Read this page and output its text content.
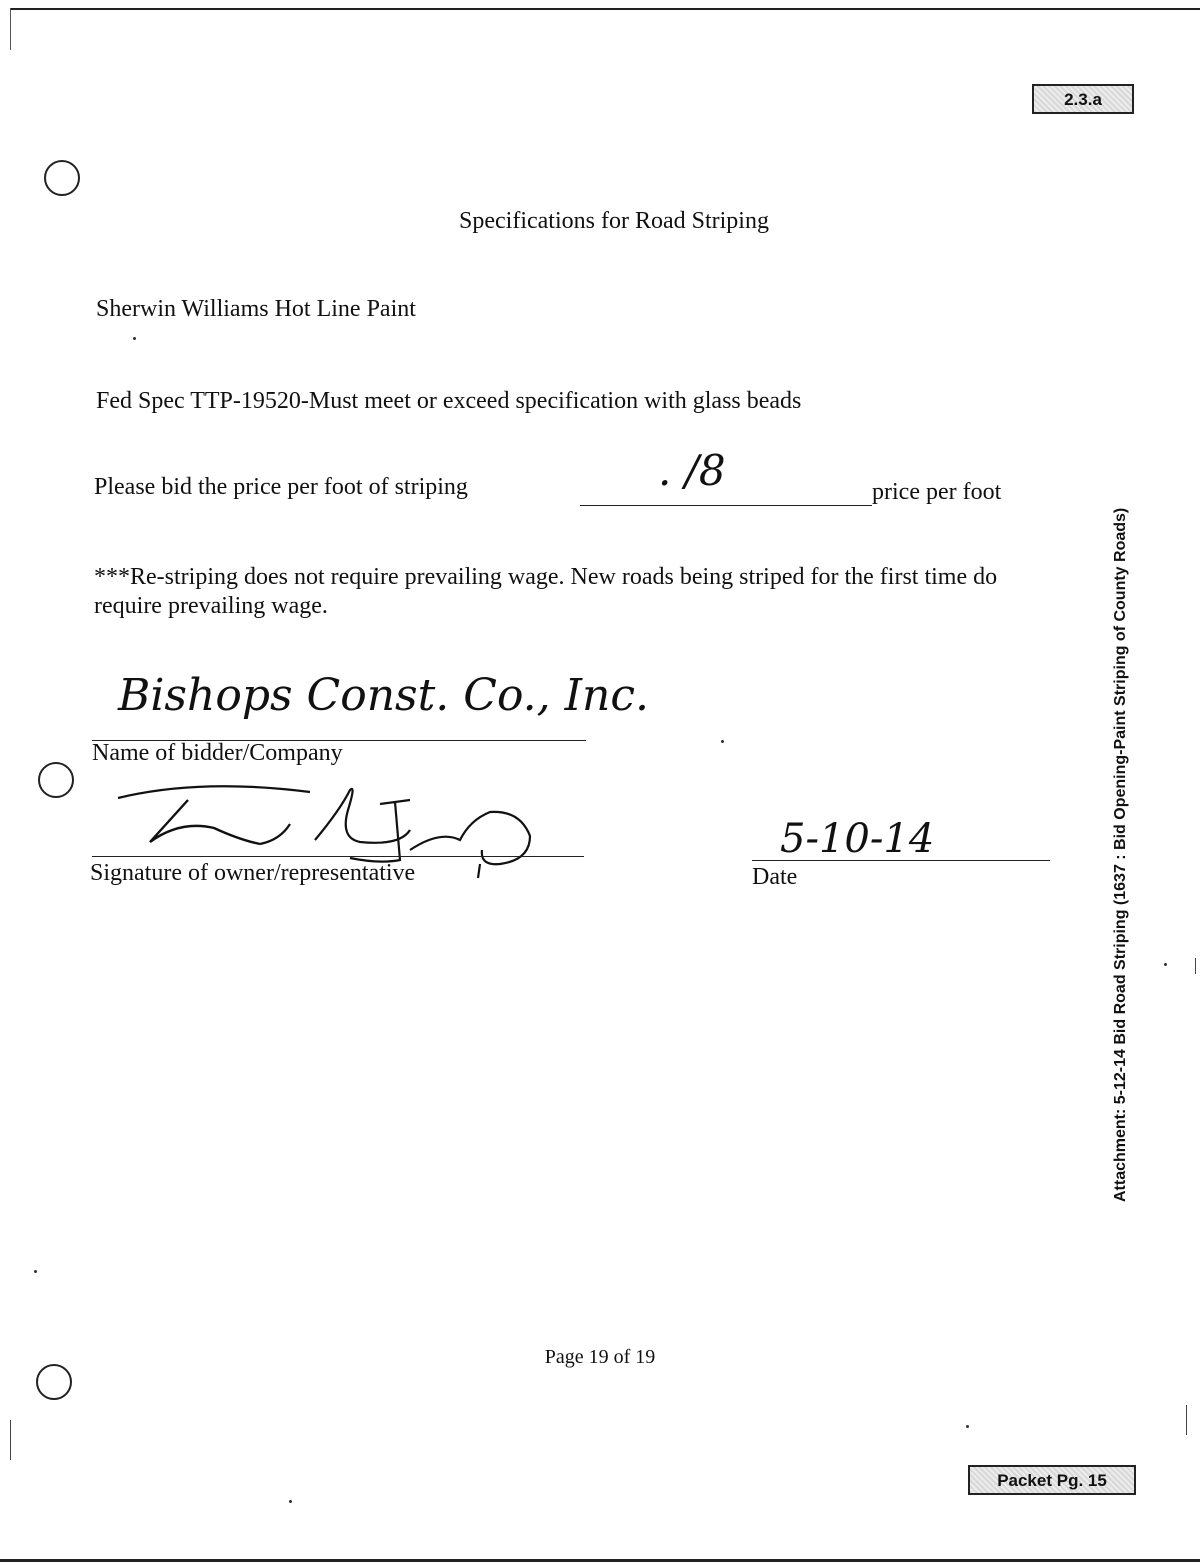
2.3.a
Specifications for Road Striping
Sherwin Williams Hot Line Paint
Fed Spec TTP-19520-Must meet or exceed specification with glass beads
Please bid the price per foot of striping	. /8	price per foot
***Re-striping does not require prevailing wage. New roads being striped for the first time do
require prevailing wage.
Bishops Const. Co., Inc.
Name of bidder/Company
Signature of owner/representative
5-10-14
Date	Attachment: 5-12-14 Bid Road Striping (1637 : Bid Opening-Paint Striping of County Roads)
Page 19 of 19
Packet Pg. 15
